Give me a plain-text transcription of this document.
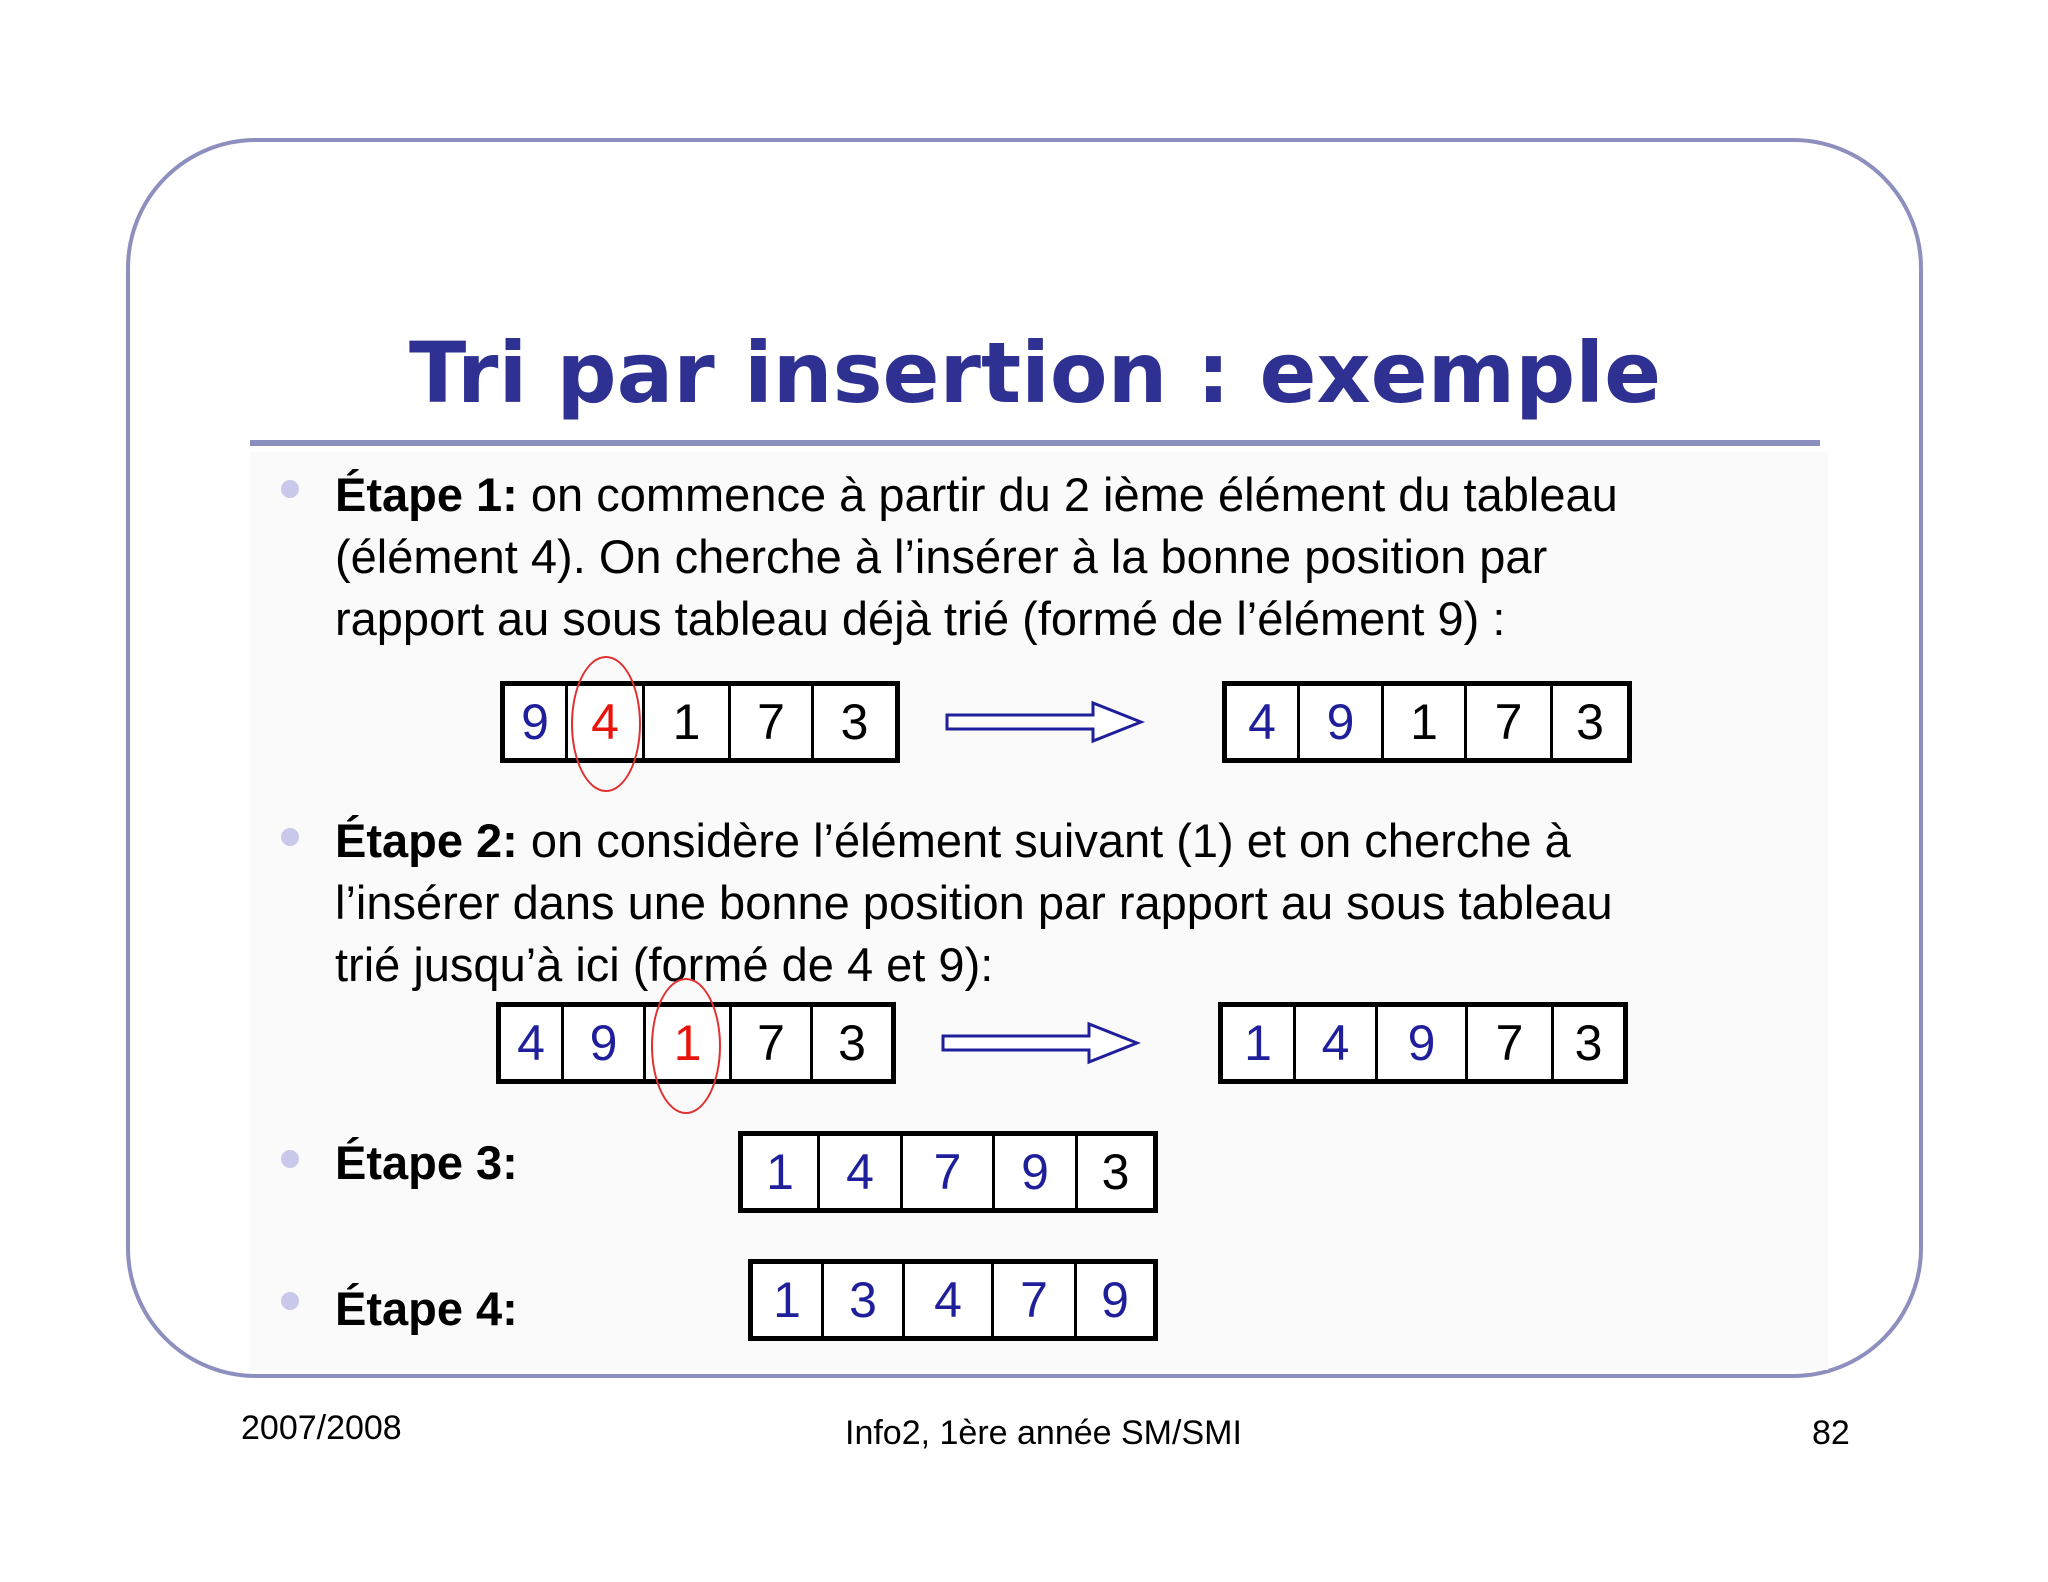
Tri par insertion : exemple
Étape 1: on commence à partir du 2 ième élément du tableau
(élément 4). On cherche à l’insérer à la bonne position par
rapport au sous tableau déjà trié (formé de l’élément 9) :
9 4	1	7	3	4	9	1	7	3
Étape 2: on considère l’élément suivant (1) et on cherche à
l’insérer dans une bonne position par rapport au sous tableau
trié jusqu’à ici (formé de 4 et 9):
4 9	1	7	3	1 4	9	7	3
Étape 3:	1	4	7	9	3
Étape 4:	1 3	4	7	9
2007/2008	Info2, 1ère année SM/SMI	82
